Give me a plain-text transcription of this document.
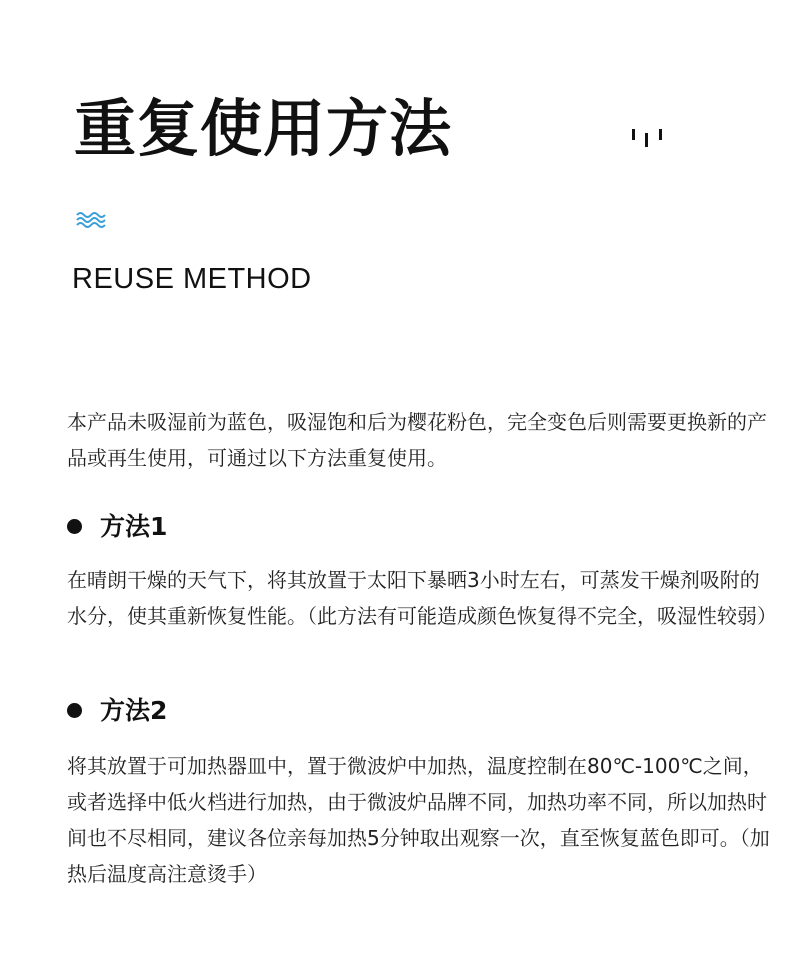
重复使用方法
REUSE METHOD

本产品未吸湿前为蓝色，吸湿饱和后为樱花粉色，完全变色后则需要更换新的产品或再生使用，可通过以下方法重复使用。

方法1

在晴朗干燥的天气下，将其放置于太阳下暴晒3小时左右，可蒸发干燥剂吸附的水分，使其重新恢复性能。（此方法有可能造成颜色恢复得不完全，吸湿性较弱）

方法2

将其放置于可加热器皿中，置于微波炉中加热，温度控制在80℃-100℃之间，或者选择中低火档进行加热，由于微波炉品牌不同，加热功率不同，所以加热时间也不尽相同，建议各位亲每加热5分钟取出观察一次，直至恢复蓝色即可。（加热后温度高注意烫手）
